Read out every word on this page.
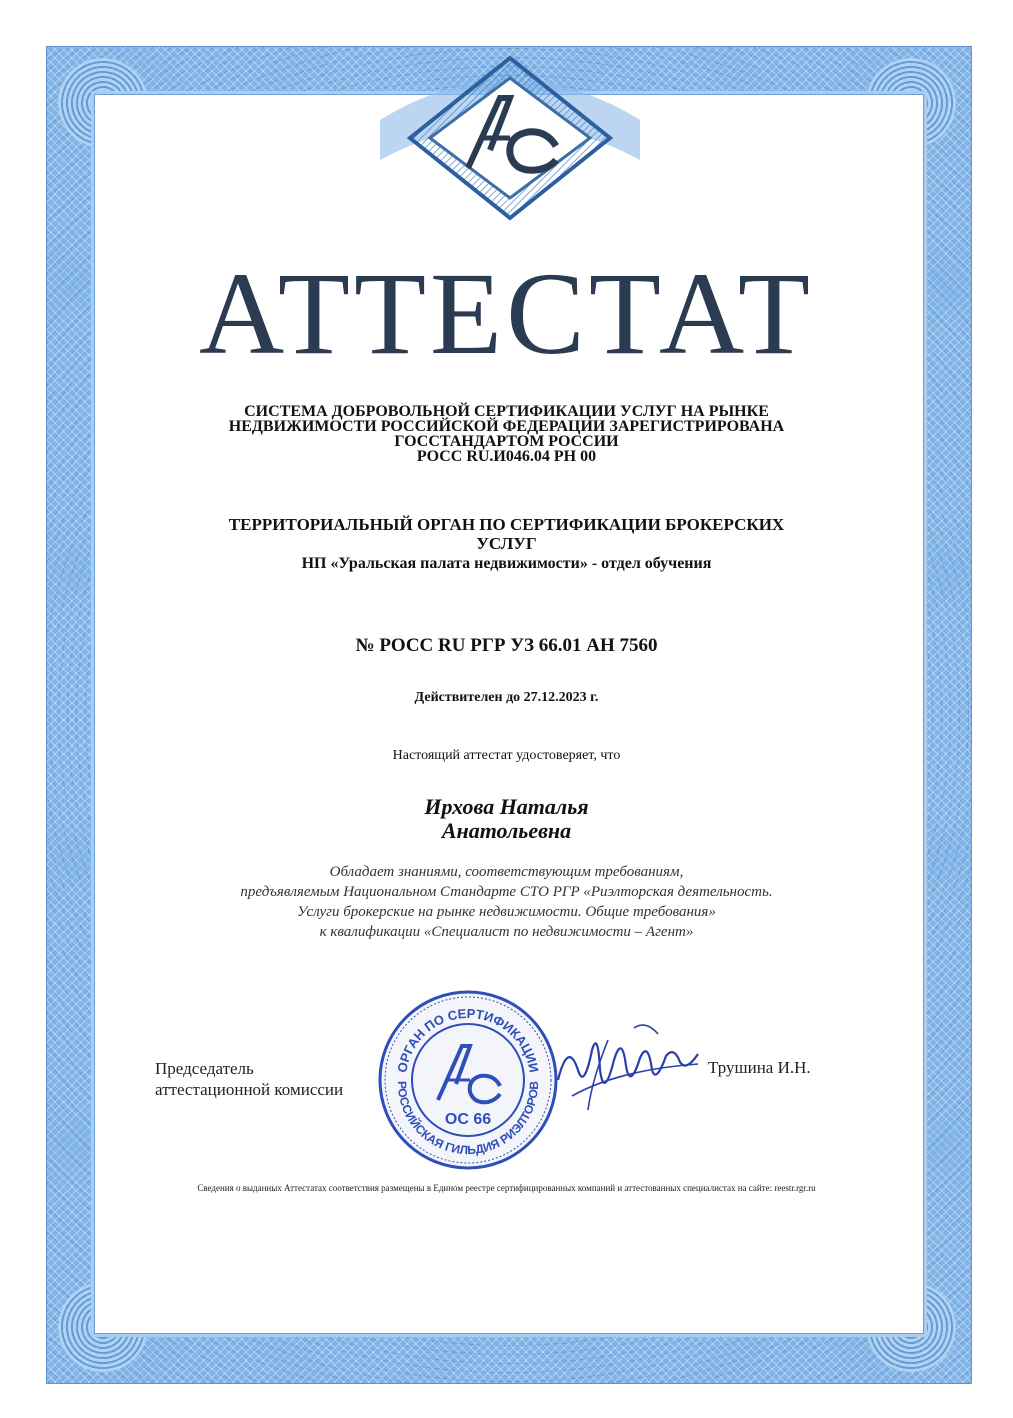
АТТЕСТАТ
СИСТЕМА ДОБРОВОЛЬНОЙ СЕРТИФИКАЦИИ УСЛУГ НА РЫНКЕ
НЕДВИЖИМОСТИ РОССИЙСКОЙ ФЕДЕРАЦИИ ЗАРЕГИСТРИРОВАНА
ГОССТАНДАРТОМ РОССИИ
РОСС RU.И046.04 РН 00
ТЕРРИТОРИАЛЬНЫЙ ОРГАН ПО СЕРТИФИКАЦИИ БРОКЕРСКИХ
УСЛУГ
НП «Уральская палата недвижимости» - отдел обучения
№ РОСС RU РГР УЗ 66.01 АН 7560
Действителен до 27.12.2023 г.
Настоящий аттестат удостоверяет, что
Ирхова Наталья
Анатольевна
Обладает знаниями, соответствующим требованиям,
предъявляемым Национальном Стандарте СТО РГР «Риэлторская деятельность.
Услуги брокерские на рынке недвижимости. Общие требования»
к квалификации «Специалист по недвижимости – Агент»
Председатель
аттестационной комиссии
ОРГАН ПО СЕРТИФИКАЦИИ
РОССИЙСКАЯ ГИЛЬДИЯ РИЭЛТОРОВ
ОС 66
Трушина И.Н.
Сведения о выданных Аттестатах соответствия размещены в Едином реестре сертифицированных компаний и аттестованных специалистах на сайте: reestr.rgr.ru
